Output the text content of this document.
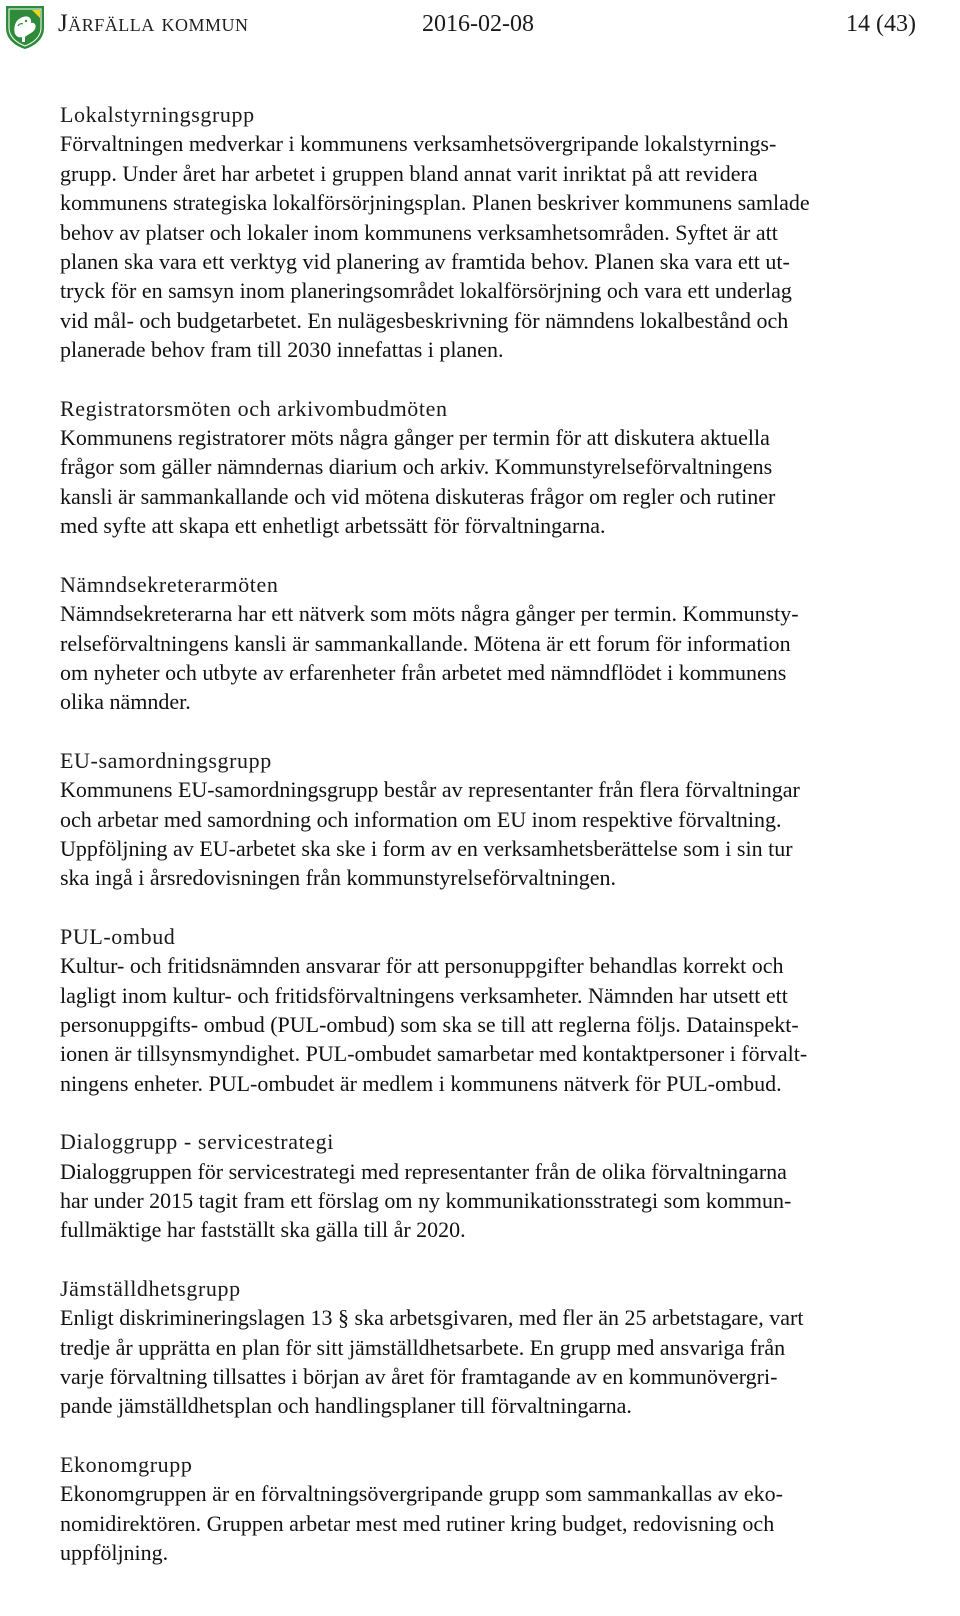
Järfälla kommun	2016-02-08	14 (43)
Lokalstyrningsgrupp

Förvaltningen medverkar i kommunens verksamhetsövergripande lokalstyrnings-
grupp. Under året har arbetet i gruppen bland annat varit inriktat på att revidera
kommunens strategiska lokalförsörjningsplan. Planen beskriver kommunens samlade
behov av platser och lokaler inom kommunens verksamhetsområden. Syftet är att
planen ska vara ett verktyg vid planering av framtida behov. Planen ska vara ett ut-
tryck för en samsyn inom planeringsområdet lokalförsörjning och vara ett underlag
vid mål- och budgetarbetet. En nulägesbeskrivning för nämndens lokalbestånd och
planerade behov fram till 2030 innefattas i planen.

Registratorsmöten och arkivombudmöten

Kommunens registratorer möts några gånger per termin för att diskutera aktuella
frågor som gäller nämndernas diarium och arkiv. Kommunstyrelseförvaltningens
kansli är sammankallande och vid mötena diskuteras frågor om regler och rutiner
med syfte att skapa ett enhetligt arbetssätt för förvaltningarna.

Nämndsekreterarmöten

Nämndsekreterarna har ett nätverk som möts några gånger per termin. Kommunsty-
relseförvaltningens kansli är sammankallande. Mötena är ett forum för information
om nyheter och utbyte av erfarenheter från arbetet med nämndflödet i kommunens
olika nämnder.

EU-samordningsgrupp

Kommunens EU-samordningsgrupp består av representanter från flera förvaltningar
och arbetar med samordning och information om EU inom respektive förvaltning.
Uppföljning av EU-arbetet ska ske i form av en verksamhetsberättelse som i sin tur
ska ingå i årsredovisningen från kommunstyrelseförvaltningen.

PUL-ombud

Kultur- och fritidsnämnden ansvarar för att personuppgifter behandlas korrekt och
lagligt inom kultur- och fritidsförvaltningens verksamheter. Nämnden har utsett ett
personuppgifts- ombud (PUL-ombud) som ska se till att reglerna följs. Datainspekt-
ionen är tillsynsmyndighet. PUL-ombudet samarbetar med kontaktpersoner i förvalt-
ningens enheter. PUL-ombudet är medlem i kommunens nätverk för PUL-ombud.

Dialoggrupp - servicestrategi

Dialoggruppen för servicestrategi med representanter från de olika förvaltningarna
har under 2015 tagit fram ett förslag om ny kommunikationsstrategi som kommun-
fullmäktige har fastställt ska gälla till år 2020.

Jämställdhetsgrupp

Enligt diskrimineringslagen 13 § ska arbetsgivaren, med fler än 25 arbetstagare, vart
tredje år upprätta en plan för sitt jämställdhetsarbete. En grupp med ansvariga från
varje förvaltning tillsattes i början av året för framtagande av en kommunövergri-
pande jämställdhetsplan och handlingsplaner till förvaltningarna.

Ekonomgrupp

Ekonomgruppen är en förvaltningsövergripande grupp som sammankallas av eko-
nomidirektören. Gruppen arbetar mest med rutiner kring budget, redovisning och
uppföljning.
